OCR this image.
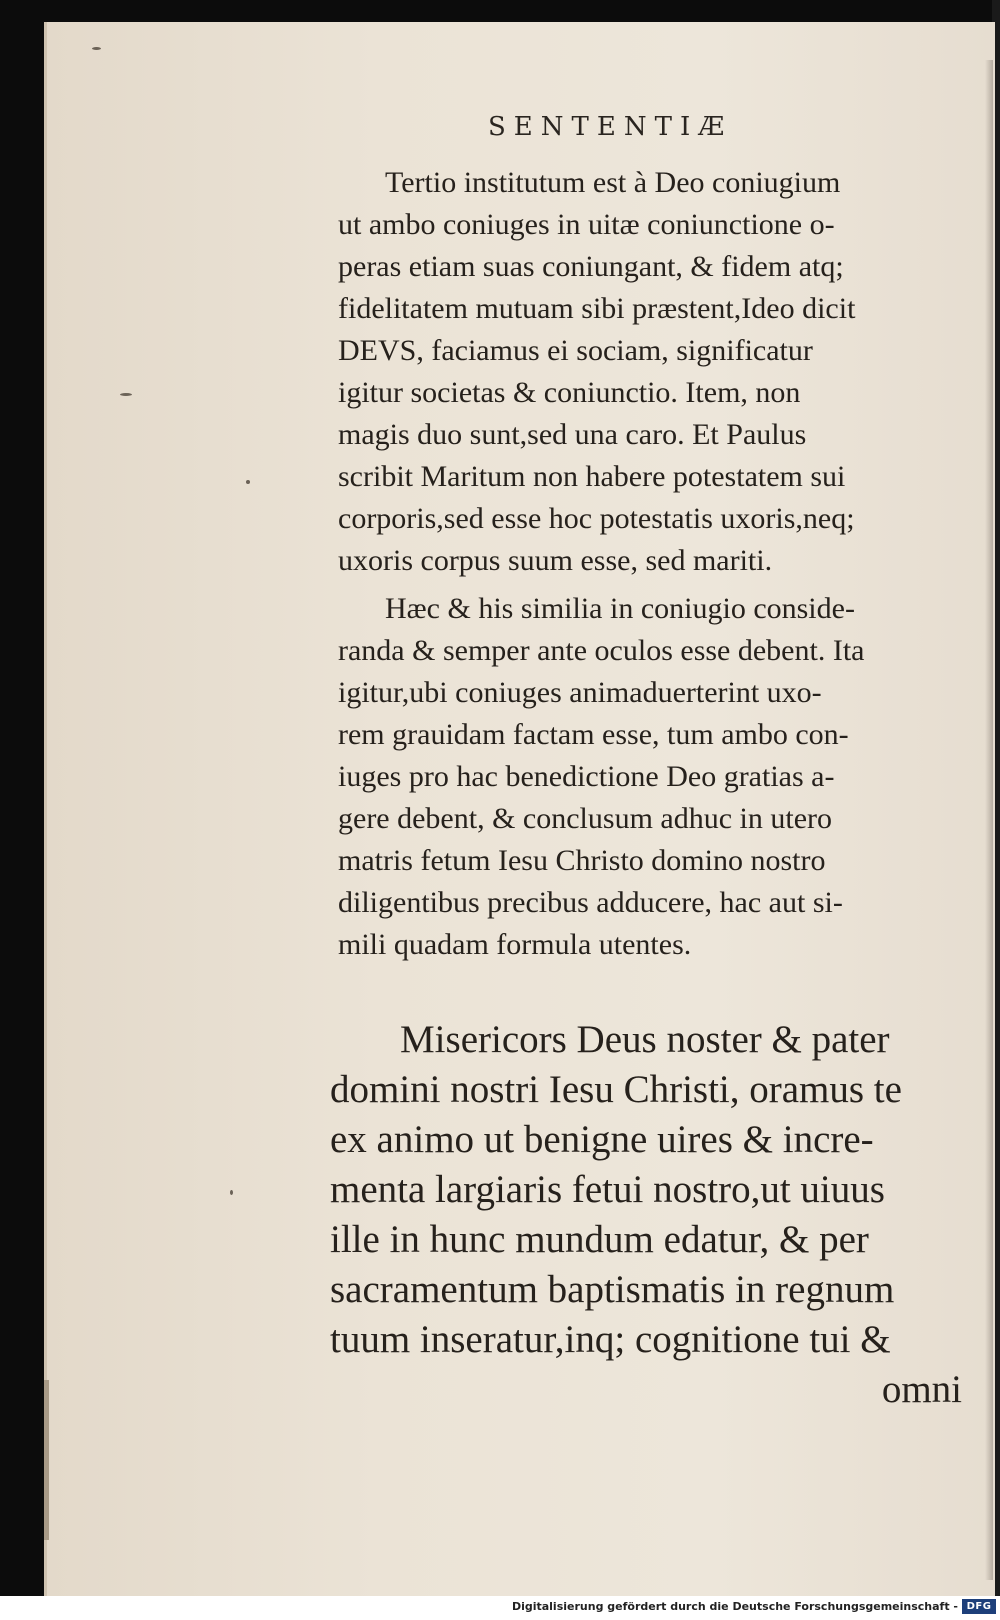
SENTENTIÆ
Tertio institutum est à Deo coniugium
ut ambo coniuges in uitæ coniunctione o-
peras etiam suas coniungant, & fidem atq;
fidelitatem mutuam sibi præstent,Ideo dicit
DEVS, faciamus ei sociam, significatur
igitur societas & coniunctio. Item, non
magis duo sunt,sed una caro. Et Paulus
scribit Maritum non habere potestatem sui
corporis,sed esse hoc potestatis uxoris,neq;
uxoris corpus suum esse, sed mariti.
Hæc & his similia in coniugio conside-
randa & semper ante oculos esse debent. Ita
igitur,ubi coniuges animaduerterint uxo-
rem grauidam factam esse, tum ambo con-
iuges pro hac benedictione Deo gratias a-
gere debent, & conclusum adhuc in utero
matris fetum Iesu Christo domino nostro
diligentibus precibus adducere, hac aut si-
mili quadam formula utentes.
Misericors Deus noster & pater
domini nostri Iesu Christi, oramus te
ex animo ut benigne uires & incre-
menta largiaris fetui nostro,ut uiuus
ille in hunc mundum edatur, & per
sacramentum baptismatis in regnum
tuum inseratur,inq; cognitione tui &
omni
Digitalisierung gefördert durch die Deutsche Forschungsgemeinschaft - DFG
